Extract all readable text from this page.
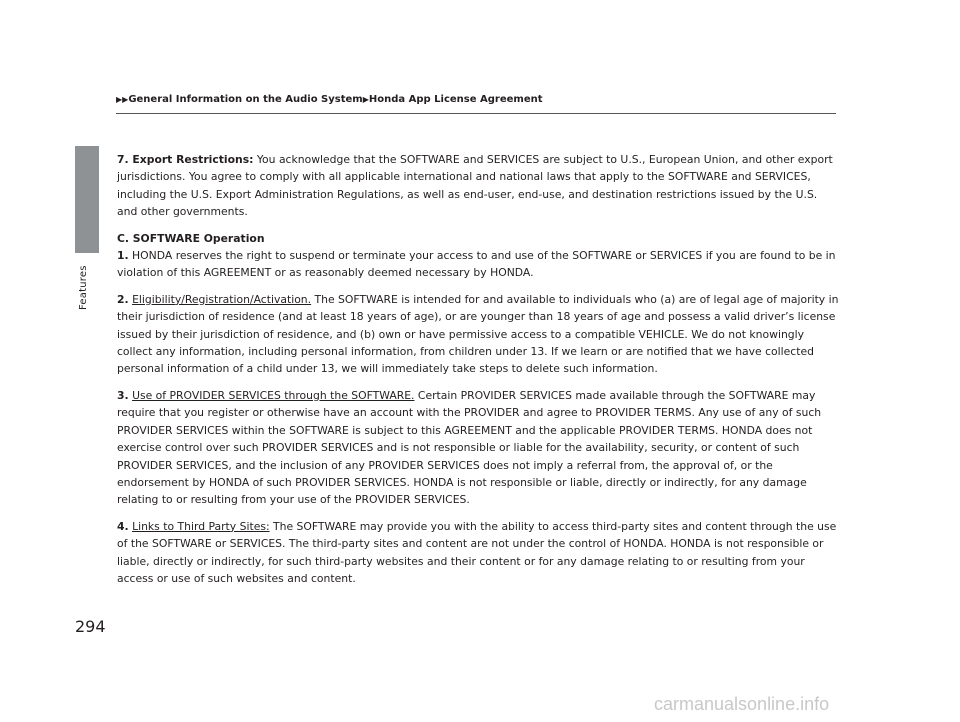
Features
▶▶General Information on the Audio System▶Honda App License Agreement

7. Export Restrictions: You acknowledge that the SOFTWARE and SERVICES are subject to U.S., European Union, and other export jurisdictions. You agree to comply with all applicable international and national laws that apply to the SOFTWARE and SERVICES, including the U.S. Export Administration Regulations, as well as end-user, end-use, and destination restrictions issued by the U.S. and other governments.

C. SOFTWARE Operation
1. HONDA reserves the right to suspend or terminate your access to and use of the SOFTWARE or SERVICES if you are found to be in violation of this AGREEMENT or as reasonably deemed necessary by HONDA.

2. Eligibility/Registration/Activation. The SOFTWARE is intended for and available to individuals who (a) are of legal age of majority in their jurisdiction of residence (and at least 18 years of age), or are younger than 18 years of age and possess a valid driver’s license issued by their jurisdiction of residence, and (b) own or have permissive access to a compatible VEHICLE. We do not knowingly collect any information, including personal information, from children under 13. If we learn or are notified that we have collected personal information of a child under 13, we will immediately take steps to delete such information.

3. Use of PROVIDER SERVICES through the SOFTWARE. Certain PROVIDER SERVICES made available through the SOFTWARE may require that you register or otherwise have an account with the PROVIDER and agree to PROVIDER TERMS. Any use of any of such PROVIDER SERVICES within the SOFTWARE is subject to this AGREEMENT and the applicable PROVIDER TERMS. HONDA does not exercise control over such PROVIDER SERVICES and is not responsible or liable for the availability, security, or content of such PROVIDER SERVICES, and the inclusion of any PROVIDER SERVICES does not imply a referral from, the approval of, or the endorsement by HONDA of such PROVIDER SERVICES. HONDA is not responsible or liable, directly or indirectly, for any damage relating to or resulting from your use of the PROVIDER SERVICES.

4. Links to Third Party Sites: The SOFTWARE may provide you with the ability to access third-party sites and content through the use of the SOFTWARE or SERVICES. The third-party sites and content are not under the control of HONDA. HONDA is not responsible or liable, directly or indirectly, for such third-party websites and their content or for any damage relating to or resulting from your access or use of such websites and content.

294
carmanualsonline.info
